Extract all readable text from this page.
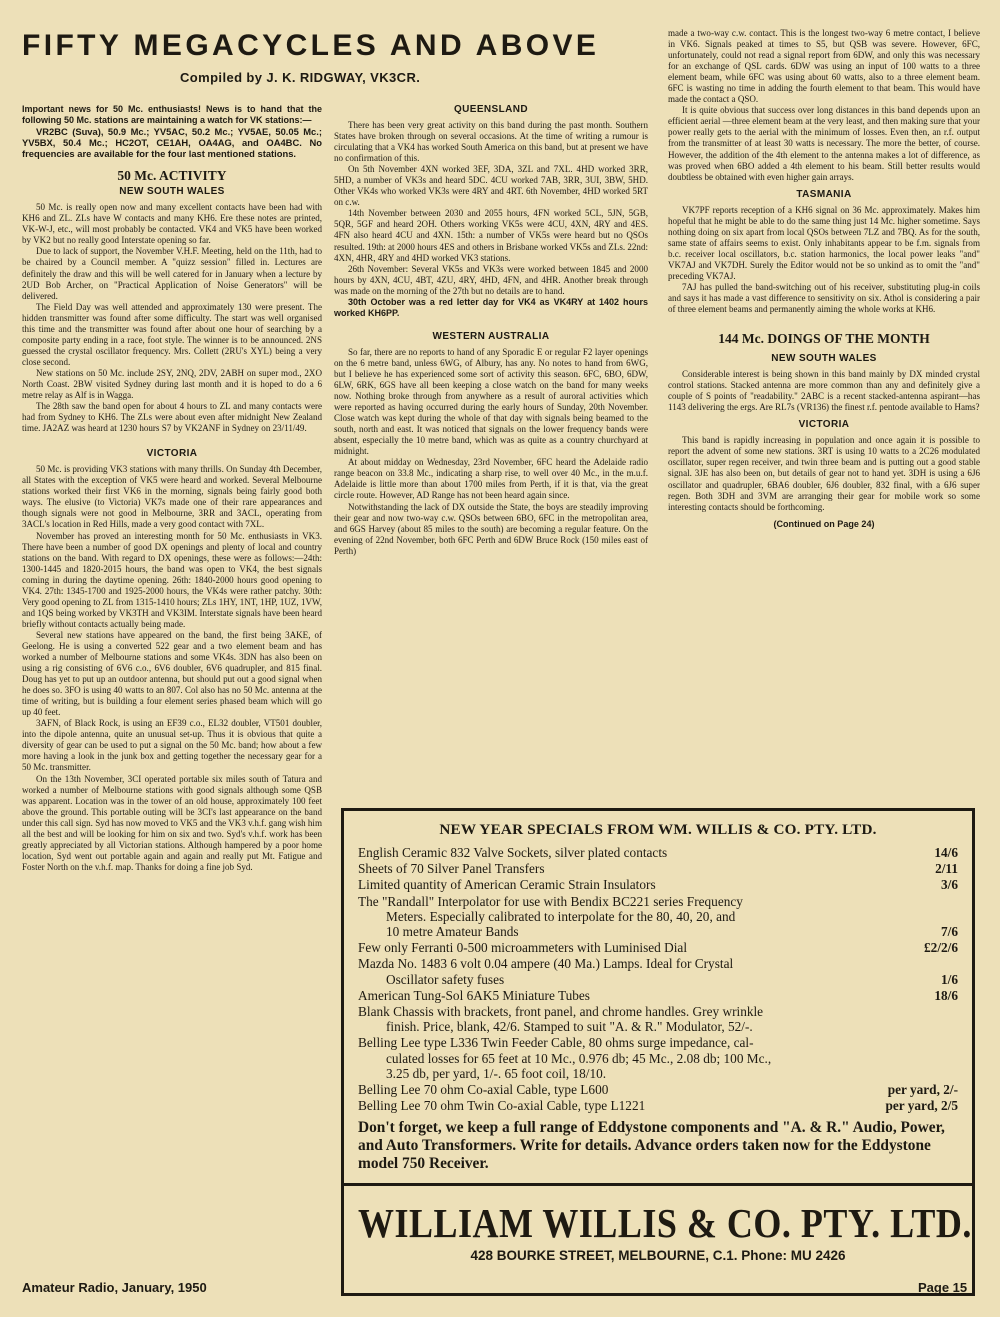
FIFTY MEGACYCLES AND ABOVE

Compiled by J. K. RIDGWAY, VK3CR.

Important news for 50 Mc. enthusiasts! News is to hand that the following 50 Mc. stations are maintaining a watch for VK stations:—

VR2BC (Suva), 50.9 Mc.; YV5AC, 50.2 Mc.; YV5AE, 50.05 Mc.; YV5BX, 50.4 Mc.; HC2OT, CE1AH, OA4AG, and OA4BC. No frequencies are available for the four last mentioned stations.

50 Mc. ACTIVITY
NEW SOUTH WALES

50 Mc. is really open now and many excellent contacts have been had with KH6 and ZL. ZLs have W contacts and many KH6. Ere these notes are printed, VK-W-J, etc., will most probably be contacted. VK4 and VK5 have been worked by VK2 but no really good Interstate opening so far.

Due to lack of support, the November V.H.F. Meeting, held on the 11th, had to be chaired by a Council member. A "quizz session" filled in. Lectures are definitely the draw and this will be well catered for in January when a lecture by 2UD Bob Archer, on "Practical Application of Noise Generators" will be delivered.

The Field Day was well attended and approximately 130 were present. The hidden transmitter was found after some difficulty. The start was well organised this time and the transmitter was found after about one hour of searching by a composite party ending in a race, foot style. The winner is to be announced. 2NS guessed the crystal oscillator frequency. Mrs. Collett (2RU's XYL) being a very close second.

New stations on 50 Mc. include 2SY, 2NQ, 2DV, 2ABH on super mod., 2XO North Coast. 2BW visited Sydney during last month and it is hoped to do a 6 metre relay as Alf is in Wagga.

The 28th saw the band open for about 4 hours to ZL and many contacts were had from Sydney to KH6. The ZLs were about even after midnight New Zealand time. JA2AZ was heard at 1230 hours S7 by VK2ANF in Sydney on 23/11/49.

VICTORIA

50 Mc. is providing VK3 stations with many thrills. On Sunday 4th December, all States with the exception of VK5 were heard and worked. Several Melbourne stations worked their first VK6 in the morning, signals being fairly good both ways. The elusive (to Victoria) VK7s made one of their rare appearances and though signals were not good in Melbourne, 3RR and 3ACL, operating from 3ACL's location in Red Hills, made a very good contact with 7XL.

November has proved an interesting month for 50 Mc. enthusiasts in VK3. There have been a number of good DX openings and plenty of local and country stations on the band. With regard to DX openings, these were as follows:—24th: 1300-1445 and 1820-2015 hours, the band was open to VK4, the best signals coming in during the daytime opening. 26th: 1840-2000 hours good opening to VK4. 27th: 1345-1700 and 1925-2000 hours, the VK4s were rather patchy. 30th: Very good opening to ZL from 1315-1410 hours; ZLs 1HY, 1NT, 1HP, 1UZ, 1VW, and 1QS being worked by VK3TH and VK3IM. Interstate signals have been heard briefly without contacts actually being made.

Several new stations have appeared on the band, the first being 3AKE, of Geelong. He is using a converted 522 gear and a two element beam and has worked a number of Melbourne stations and some VK4s. 3DN has also been on using a rig consisting of 6V6 c.o., 6V6 doubler, 6V6 quadrupler, and 815 final. Doug has yet to put up an outdoor antenna, but should put out a good signal when he does so. 3FO is using 40 watts to an 807. Col also has no 50 Mc. antenna at the time of writing, but is building a four element series phased beam which will go up 40 feet.

3AFN, of Black Rock, is using an EF39 c.o., EL32 doubler, VT501 doubler, into the dipole antenna, quite an unusual set-up. Thus it is obvious that quite a diversity of gear can be used to put a signal on the 50 Mc. band; how about a few more having a look in the junk box and getting together the necessary gear for a 50 Mc. transmitter.

On the 13th November, 3CI operated portable six miles south of Tatura and worked a number of Melbourne stations with good signals although some QSB was apparent. Location was in the tower of an old house, approximately 100 feet above the ground. This portable outing will be 3CI's last appearance on the band under this call sign. Syd has now moved to VK5 and the VK3 v.h.f. gang wish him all the best and will be looking for him on six and two. Syd's v.h.f. work has been greatly appreciated by all Victorian stations. Although hampered by a poor home location, Syd went out portable again and again and really put Mt. Fatigue and Foster North on the v.h.f. map. Thanks for doing a fine job Syd.

QUEENSLAND

There has been very great activity on this band during the past month. Southern States have broken through on several occasions. At the time of writing a rumour is circulating that a VK4 has worked South America on this band, but at present we have no confirmation of this.

On 5th November 4XN worked 3EF, 3DA, 3ZL and 7XL. 4HD worked 3RR, 5HD, a number of VK3s and heard 5DC. 4CU worked 7AB, 3RR, 3UI, 3BW, 5HD. Other VK4s who worked VK3s were 4RY and 4RT. 6th November, 4HD worked 5RT on c.w.

14th November between 2030 and 2055 hours, 4FN worked 5CL, 5JN, 5GB, 5QR, 5GF and heard 2OH. Others working VK5s were 4CU, 4XN, 4RY and 4ES. 4FN also heard 4CU and 4XN. 15th: a number of VK5s were heard but no QSOs resulted. 19th: at 2000 hours 4ES and others in Brisbane worked VK5s and ZLs. 22nd: 4XN, 4HR, 4RY and 4HD worked VK3 stations.

26th November: Several VK5s and VK3s were worked between 1845 and 2000 hours by 4XN, 4CU, 4BT, 4ZU, 4RY, 4HD, 4FN, and 4HR. Another break through was made on the morning of the 27th but no details are to hand.

30th October was a red letter day for VK4 as VK4RY at 1402 hours worked KH6PP.

WESTERN AUSTRALIA

So far, there are no reports to hand of any Sporadic E or regular F2 layer openings on the 6 metre band, unless 6WG, of Albury, has any. No notes to hand from 6WG, but I believe he has experienced some sort of activity this season. 6FC, 6BO, 6DW, 6LW, 6RK, 6GS have all been keeping a close watch on the band for many weeks now. Nothing broke through from anywhere as a result of auroral activities which were reported as having occurred during the early hours of Sunday, 20th November. Close watch was kept during the whole of that day with signals being beamed to the south, north and east. It was noticed that signals on the lower frequency bands were absent, especially the 10 metre band, which was as quite as a country churchyard at midnight.

At about midday on Wednesday, 23rd November, 6FC heard the Adelaide radio range beacon on 33.8 Mc., indicating a sharp rise, to well over 40 Mc., in the m.u.f. Adelaide is little more than about 1700 miles from Perth, if it is that, via the great circle route. However, AD Range has not been heard again since.

Notwithstanding the lack of DX outside the State, the boys are steadily improving their gear and now two-way c.w. QSOs between 6BO, 6FC in the metropolitan area, and 6GS Harvey (about 85 miles to the south) are becoming a regular feature. On the evening of 22nd November, both 6FC Perth and 6DW Bruce Rock (150 miles east of Perth)

made a two-way c.w. contact. This is the longest two-way 6 metre contact, I believe in VK6. Signals peaked at times to S5, but QSB was severe. However, 6FC, unfortunately, could not read a signal report from 6DW, and only this was necessary for an exchange of QSL cards. 6DW was using an input of 100 watts to a three element beam, while 6FC was using about 60 watts, also to a three element beam. 6FC is wasting no time in adding the fourth element to that beam. This would have made the contact a QSO.

It is quite obvious that success over long distances in this band depends upon an efficient aerial —three element beam at the very least, and then making sure that your power really gets to the aerial with the minimum of losses. Even then, an r.f. output from the transmitter of at least 30 watts is necessary. The more the better, of course. However, the addition of the 4th element to the antenna makes a lot of difference, as was proved when 6BO added a 4th element to his beam. Still better results would doubtless be obtained with even higher gain arrays.

TASMANIA

VK7PF reports reception of a KH6 signal on 36 Mc. approximately. Makes him hopeful that he might be able to do the same thing just 14 Mc. higher sometime. Says nothing doing on six apart from local QSOs between 7LZ and 7BQ. As for the south, same state of affairs seems to exist. Only inhabitants appear to be f.m. signals from b.c. receiver local oscillators, b.c. station harmonics, the local power leaks "and" VK7AJ and VK7DH. Surely the Editor would not be so unkind as to omit the "and" preceding VK7AJ.

7AJ has pulled the band-switching out of his receiver, substituting plug-in coils and says it has made a vast difference to sensitivity on six. Athol is considering a pair of three element beams and permanently aiming the whole works at KH6.

144 Mc. DOINGS OF THE MONTH
NEW SOUTH WALES

Considerable interest is being shown in this band mainly by DX minded crystal control stations. Stacked antenna are more common than any and definitely give a couple of S points of "readability." 2ABC is a recent stacked-antenna aspirant—has 1143 delivering the ergs. Are RL7s (VR136) the finest r.f. pentode available to Hams?

VICTORIA

This band is rapidly increasing in population and once again it is possible to report the advent of some new stations. 3RT is using 10 watts to a 2C26 modulated oscillator, super regen receiver, and twin three beam and is putting out a good stable signal. 3JE has also been on, but details of gear not to hand yet. 3DH is using a 6J6 oscillator and quadrupler, 6BA6 doubler, 6J6 doubler, 832 final, with a 6J6 super regen. Both 3DH and 3VM are arranging their gear for mobile work so some interesting contacts should be forthcoming.

(Continued on Page 24)

NEW YEAR SPECIALS FROM WM. WILLIS & CO. PTY. LTD.
English Ceramic 832 Valve Sockets, silver plated contacts	14/6
Sheets of 70 Silver Panel Transfers	2/11
Limited quantity of American Ceramic Strain Insulators	3/6
The "Randall" Interpolator for use with Bendix BC221 series Frequency
Meters. Especially calibrated to interpolate for the 80, 40, 20, and
10 metre Amateur Bands	7/6
Few only Ferranti 0-500 microammeters with Luminised Dial	£2/2/6
Mazda No. 1483 6 volt 0.04 ampere (40 Ma.) Lamps. Ideal for Crystal
Oscillator safety fuses	1/6
American Tung-Sol 6AK5 Miniature Tubes	18/6
Blank Chassis with brackets, front panel, and chrome handles. Grey wrinkle
finish. Price, blank, 42/6. Stamped to suit "A. & R." Modulator, 52/-.
Belling Lee type L336 Twin Feeder Cable, 80 ohms surge impedance, cal-
culated losses for 65 feet at 10 Mc., 0.976 db; 45 Mc., 2.08 db; 100 Mc.,
3.25 db, per yard, 1/-. 65 foot coil, 18/10.
Belling Lee 70 ohm Co-axial Cable, type L600	per yard, 2/-
Belling Lee 70 ohm Twin Co-axial Cable, type L1221	per yard, 2/5

Don't forget, we keep a full range of Eddystone components and "A. & R." Audio, Power, and Auto Transformers. Write for details. Advance orders taken now for the Eddystone model 750 Receiver.

WILLIAM WILLIS & CO. PTY. LTD.
428 BOURKE STREET, MELBOURNE, C.1. Phone: MU 2426

Amateur Radio, January, 1950	Page 15
